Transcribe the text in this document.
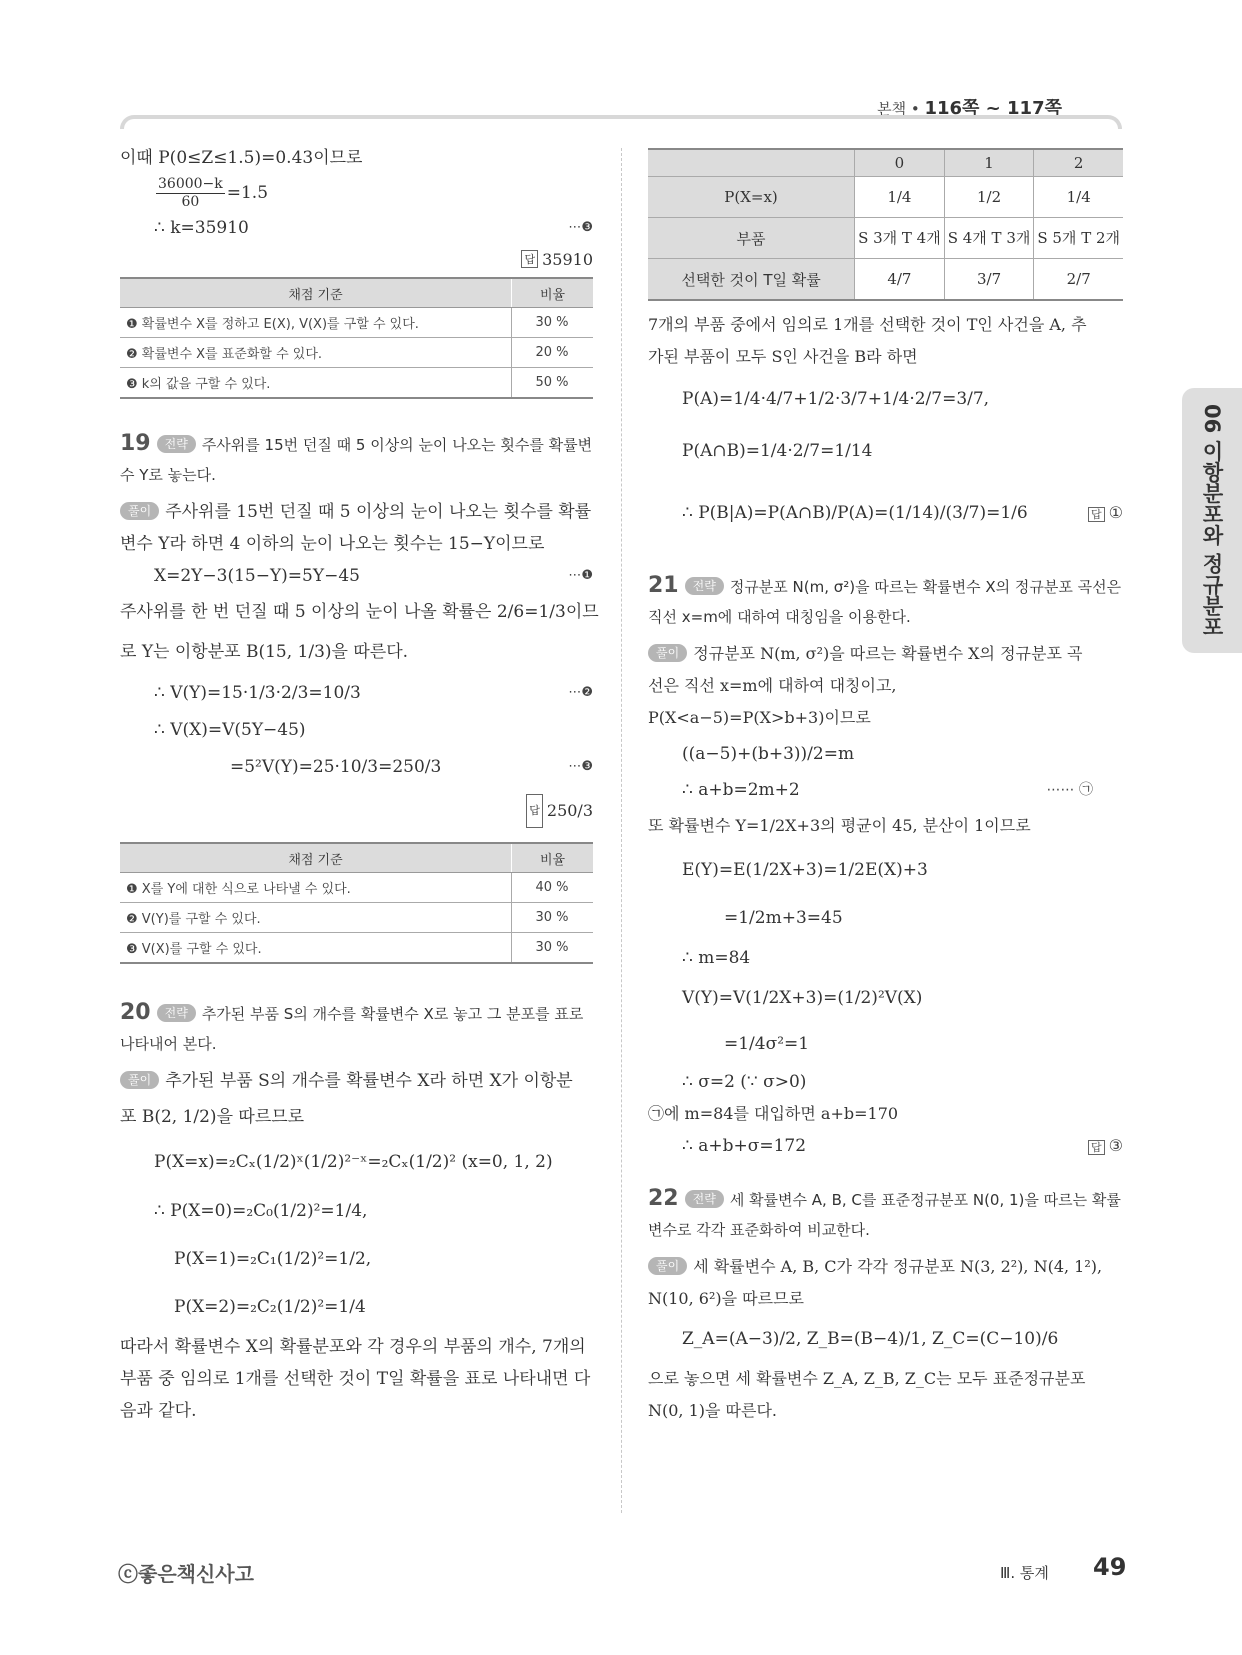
본책 • 116쪽 ~ 117쪽
06 이항분포와 정규분포
이때 P(0≤Z≤1.5)=0.43이므로
$\frac{36000-k}{60} =1.5$
∴ k=35910	⋯❸
답 35910
채점 기준	비율
❶ 확률변수 X를 정하고 E(X), V(X)를 구할 수 있다.	30 %
❷ 확률변수 X를 표준화할 수 있다.	20 %
❸ k의 값을 구할 수 있다.	50 %
19 전략 주사위를 15번 던질 때 5 이상의 눈이 나오는 횟수를 확률변수 Y로 놓는다.
풀이 주사위를 15번 던질 때 5 이상의 눈이 나오는 횟수를 확률
변수 Y라 하면 4 이하의 눈이 나오는 횟수는 15−Y이므로
X=2Y−3(15−Y)=5Y−45	⋯❶
주사위를 한 번 던질 때 5 이상의 눈이 나올 확률은 2/6=1/3이므
로 Y는 이항분포 B(15, 1/3)을 따른다.
∴ V(Y)=15·1/3·2/3=10/3	⋯❷
∴ V(X)=V(5Y−45)
=5²V(Y)=25·10/3=250/3	⋯❸
답 250/3
채점 기준	비율
❶ X를 Y에 대한 식으로 나타낼 수 있다.	40 %
❷ V(Y)를 구할 수 있다.	30 %
❸ V(X)를 구할 수 있다.	30 %
20 전략 추가된 부품 S의 개수를 확률변수 X로 놓고 그 분포를 표로 나타내어 본다.
풀이 추가된 부품 S의 개수를 확률변수 X라 하면 X가 이항분
포 B(2, 1/2)을 따르므로
P(X=x)=₂Cₓ(1/2)ˣ(1/2)²⁻ˣ=₂Cₓ(1/2)² (x=0, 1, 2)
∴ P(X=0)=₂C₀(1/2)²=1/4,
P(X=1)=₂C₁(1/2)²=1/2,
P(X=2)=₂C₂(1/2)²=1/4
따라서 확률변수 X의 확률분포와 각 경우의 부품의 개수, 7개의
부품 중 임의로 1개를 선택한 것이 T일 확률을 표로 나타내면 다
음과 같다.
	0	1	2
P(X=x)	1/4	1/2	1/4
부품	S 3개 T 4개	S 4개 T 3개	S 5개 T 2개
선택한 것이 T일 확률	4/7	3/7	2/7
7개의 부품 중에서 임의로 1개를 선택한 것이 T인 사건을 A, 추
가된 부품이 모두 S인 사건을 B라 하면
P(A)=1/4·4/7+1/2·3/7+1/4·2/7=3/7,
P(A∩B)=1/4·2/7=1/14
∴ P(B|A)=P(A∩B)/P(A)=(1/14)/(3/7)=1/6	답 ①
21 전략 정규분포 N(m, σ²)을 따르는 확률변수 X의 정규분포 곡선은 직선 x=m에 대하여 대칭임을 이용한다.
풀이 정규분포 N(m, σ²)을 따르는 확률변수 X의 정규분포 곡
선은 직선 x=m에 대하여 대칭이고,
P(X<a−5)=P(X>b+3)이므로
((a−5)+(b+3))/2=m
∴ a+b=2m+2	⋯⋯ ㉠
또 확률변수 Y=1/2X+3의 평균이 45, 분산이 1이므로
E(Y)=E(1/2X+3)=1/2E(X)+3
=1/2m+3=45
∴ m=84
V(Y)=V(1/2X+3)=(1/2)²V(X)
=1/4σ²=1
∴ σ=2 (∵ σ>0)
㉠에 m=84를 대입하면 a+b=170
∴ a+b+σ=172	답 ③
22 전략 세 확률변수 A, B, C를 표준정규분포 N(0, 1)을 따르는 확률변수로 각각 표준화하여 비교한다.
풀이 세 확률변수 A, B, C가 각각 정규분포 N(3, 2²), N(4, 1²),
N(10, 6²)을 따르므로
Z_A=(A−3)/2, Z_B=(B−4)/1, Z_C=(C−10)/6
으로 놓으면 세 확률변수 Z_A, Z_B, Z_C는 모두 표준정규분포
N(0, 1)을 따른다.
ⓒ좋은책신사고	Ⅲ. 통계 49
